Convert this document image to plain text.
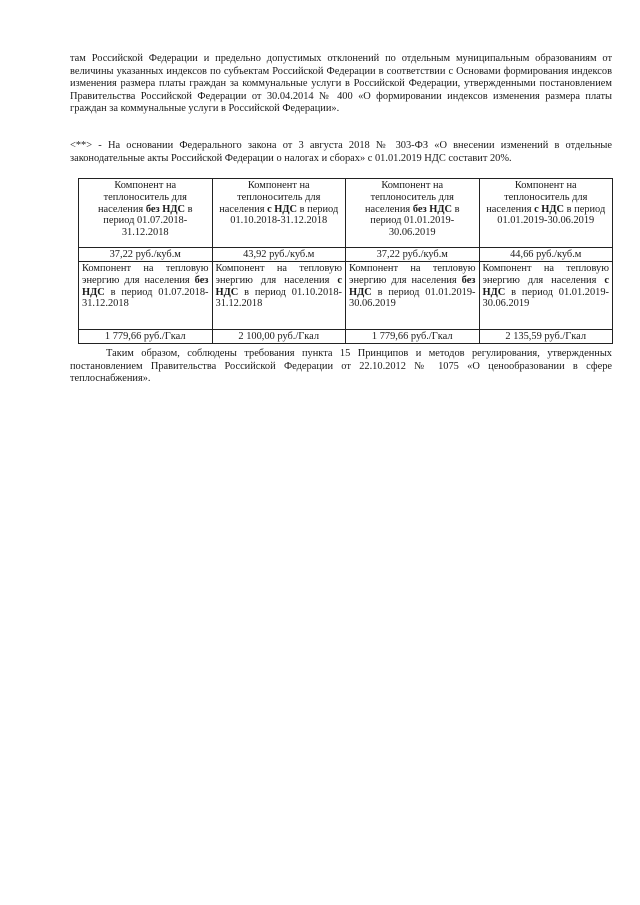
там Российской Федерации и предельно допустимых отклонений по отдельным муниципальным образованиям от величины указанных индексов по субъектам Российской Федерации в соответствии с Основами формирования индексов изменения размера платы граждан за коммунальные услуги в Российской Федерации, утвержденными постановлением Правительства Российской Федерации от 30.04.2014 № 400 «О формировании индексов изменения размера платы граждан за коммунальные услуги в Российской Федерации».

<**> - На основании Федерального закона от 3 августа 2018 № 303-ФЗ «О внесении изменений в отдельные законодательные акты Российской Федерации о налогах и сборах» с 01.01.2019 НДС составит 20%.

Компонент на теплоноситель для населения без НДС в период 01.07.2018-31.12.2018	Компонент на теплоноситель для населения с НДС в период 01.10.2018-31.12.2018	Компонент на теплоноситель для населения без НДС в период 01.01.2019-30.06.2019	Компонент на теплоноситель для населения с НДС в период 01.01.2019-30.06.2019
37,22 руб./куб.м	43,92 руб./куб.м	37,22 руб./куб.м	44,66 руб./куб.м
Компонент на тепловую энергию для населения без НДС в период 01.07.2018-31.12.2018	Компонент на тепловую энергию для населения с НДС в период 01.10.2018-31.12.2018	Компонент на тепловую энергию для населения без НДС в период 01.01.2019-30.06.2019	Компонент на тепловую энергию для населения с НДС в период 01.01.2019-30.06.2019
1 779,66 руб./Гкал	2 100,00 руб./Гкал	1 779,66 руб./Гкал	2 135,59 руб./Гкал

Таким образом, соблюдены требования пункта 15 Принципов и методов регулирования, утвержденных постановлением Правительства Российской Федерации от 22.10.2012 № 1075 «О ценообразовании в сфере теплоснабжения».
